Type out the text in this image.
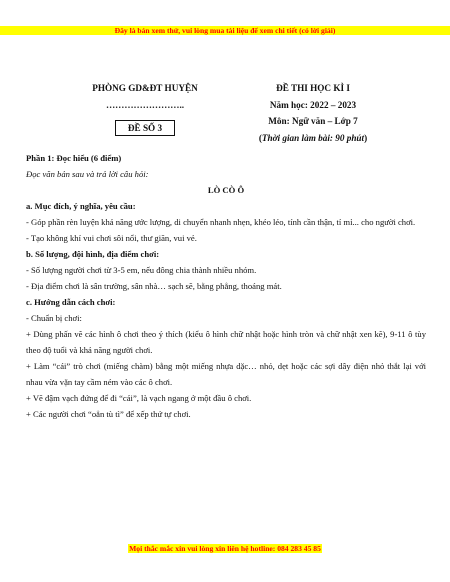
Đây là bản xem thử, vui lòng mua tài liệu để xem chi tiết (có lời giải)
PHÒNG GD&ĐT HUYỆN
……………………..
ĐỀ SỐ 3
ĐỀ THI HỌC KÌ I
Năm học: 2022 – 2023
Môn: Ngữ văn – Lớp 7
(Thời gian làm bài: 90 phút)
Phần 1: Đọc hiểu (6 điểm)
Đọc văn bản sau và trả lời câu hỏi:
LÒ CÒ Ô
a. Mục đích, ý nghĩa, yêu cầu:
- Góp phần rèn luyện khả năng ước lượng, di chuyển nhanh nhẹn, khéo léo, tính cần thận, tỉ mỉ... cho người chơi.
- Tạo không khí vui chơi sôi nổi, thư giãn, vui vẻ.
b. Số lượng, đội hình, địa điểm chơi:
- Số lượng người chơi từ 3-5 em, nếu đông chia thành nhiều nhóm.
- Địa điểm chơi là sân trường, sân nhà… sạch sẽ, bằng phẳng, thoáng mát.
c. Hướng dẫn cách chơi:
- Chuẩn bị chơi:
+ Dùng phấn vẽ các hình ô chơi theo ý thích (kiểu ô hình chữ nhật hoặc hình tròn và chữ nhật xen kẽ), 9-11 ô tùy theo độ tuổi và khả năng người chơi.
+ Làm “cái” trò chơi (miếng chàm) bằng một miếng nhựa dặc… nhỏ, dẹt hoặc các sợi dây điện nhỏ thắt lại với nhau vừa vặn tay cầm ném vào các ô chơi.
+ Vẽ đậm vạch đứng để đi “cái”, là vạch ngang ở một đầu ô chơi.
+ Các người chơi “oẳn tù tì” để xếp thứ tự chơi.
Mọi thắc mắc xin vui lòng xin liên hệ hotline: 084 283 45 85
